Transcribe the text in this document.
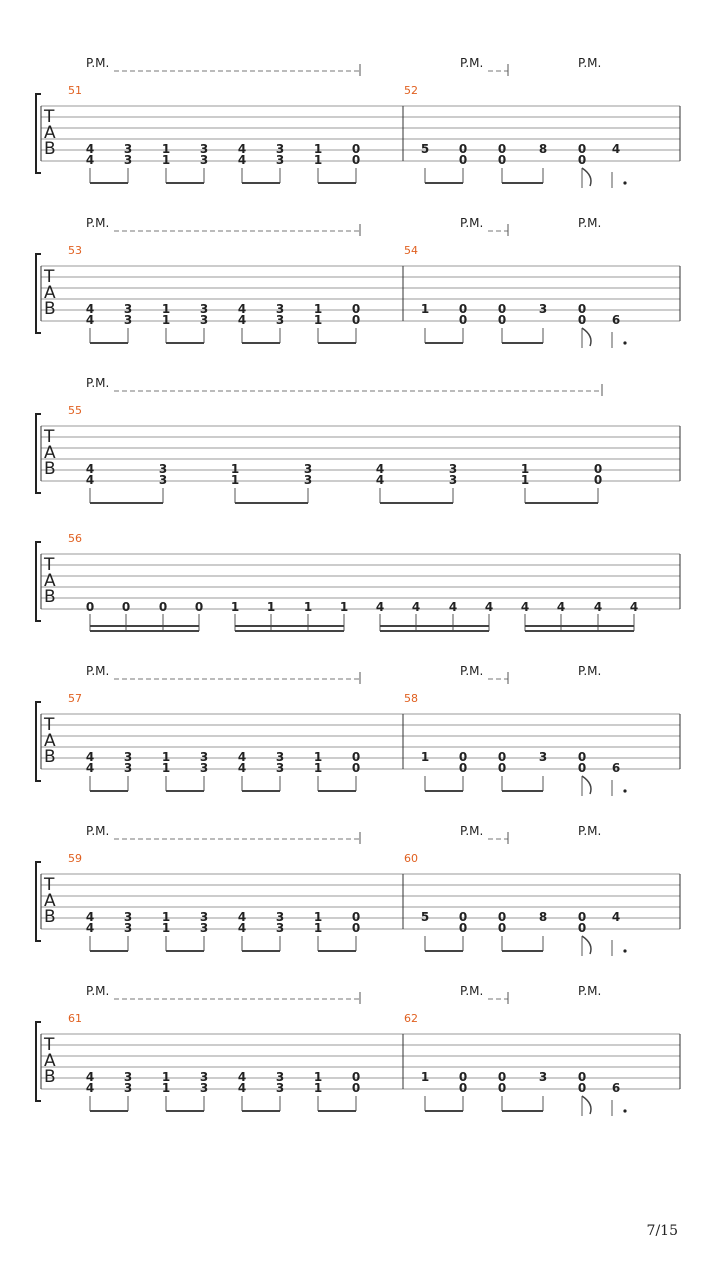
T
A
B
P.M.	P.M.	P.M.
51	52
4 3 1 3 4 3 1 0
4 3 1 3 4 3 1 0
5 0	0	8	0 4
0	0	0
T
A
B
P.M.	P.M.	P.M.
53	54
4 3 1 3 4 3 1 0
4 3 1 3 4 3 1 0
1 0	0	3	0
0	0	0 6
T
A
B
P.M.
55
4	3	1	3	4	3	1	0
4	3	1	3	4	3	1	0
T
A
B
56
0 0 0 0 1 1 1 1 4 4 4 4 4 4 4 4
T
A
B
P.M.	P.M.	P.M.
57	58
4 3 1 3 4 3 1 0
4 3 1 3 4 3 1 0
1 0	0	3	0
0	0	0 6
T
A
B
P.M.	P.M.	P.M.
59	60
4 3 1 3 4 3 1 0
4 3 1 3 4 3 1 0
5 0	0	8	0 4
0	0	0
T
A
B
P.M.	P.M.	P.M.
61	62
4 3 1 3 4 3 1 0
4 3 1 3 4 3 1 0
1 0	0	3	0
0	0	0 6
7/15
